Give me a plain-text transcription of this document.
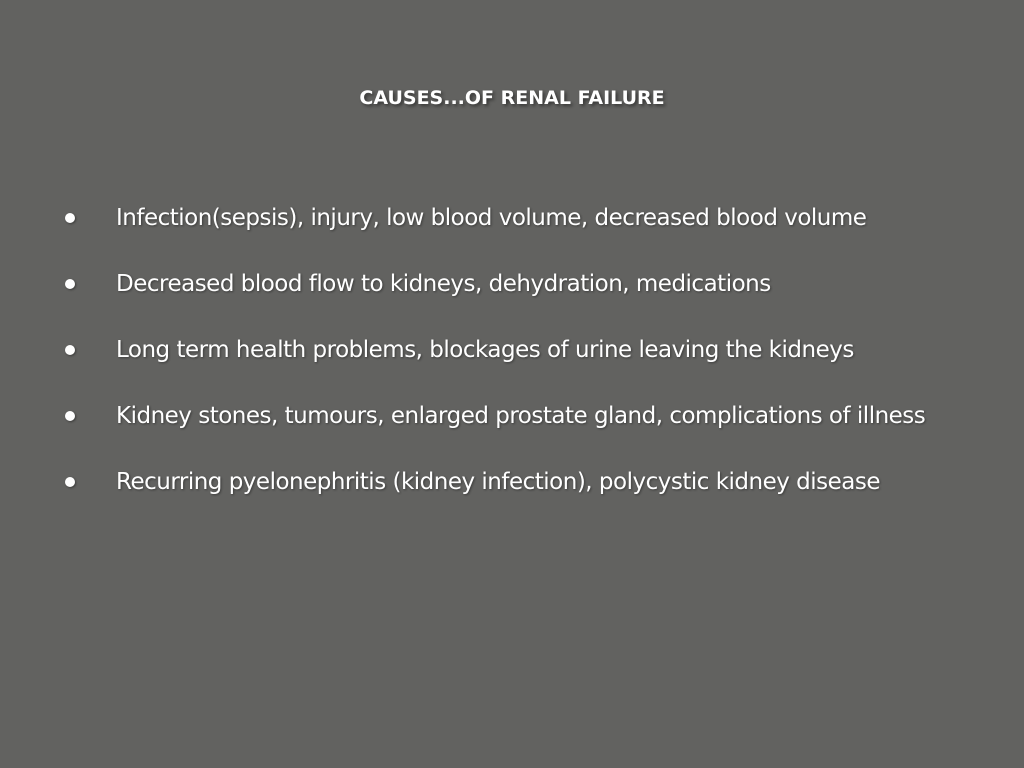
CAUSES...OF RENAL FAILURE
Infection(sepsis), injury, low blood volume, decreased blood volume
Decreased blood flow to kidneys, dehydration, medications
Long term health problems, blockages of urine leaving the kidneys
Kidney stones, tumours, enlarged prostate gland, complications of illness
Recurring pyelonephritis (kidney infection), polycystic kidney disease
